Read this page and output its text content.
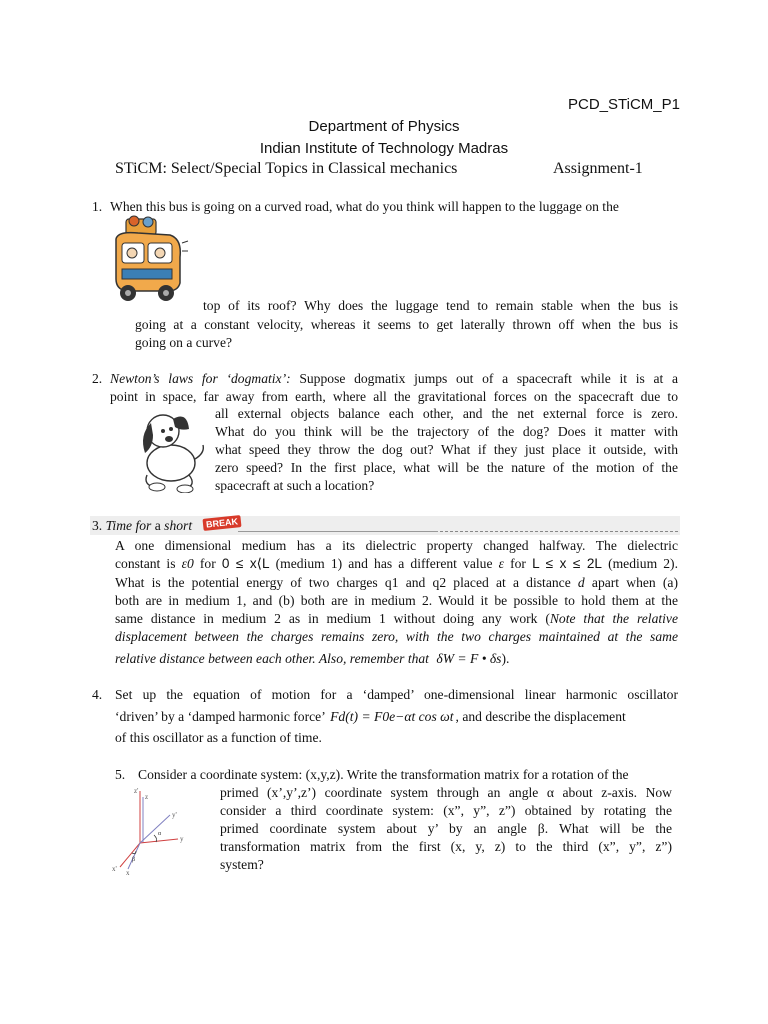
PCD_STiCM_P1
Department of Physics
Indian Institute of Technology Madras
STiCM: Select/Special Topics in Classical mechanics	Assignment-1
1. When this bus is going on a curved road, what do you think will happen to the luggage on the
top of its roof? Why does the luggage tend to remain stable when the bus is
going at a constant velocity, whereas it seems to get laterally thrown off when the bus is
going on a curve?
2. Newton’s laws for ‘dogmatix’: Suppose dogmatix jumps out of a spacecraft while it is at a
point in space, far away from earth, where all the gravitational forces on the spacecraft due to
all external objects balance each other, and the net external force is zero.
What do you think will be the trajectory of the dog? Does it matter with
what speed they throw the dog out? What if they just place it outside, with
zero speed? In the first place, what will be the nature of the motion of the
spacecraft at such a location?
3. Time for a short	BREAK
A one dimensional medium has a its dielectric property changed halfway. The dielectric
constant is ε0 for 0 ≤ x⟨L (medium 1) and has a different value ε for L ≤ x ≤ 2L (medium 2).
What is the potential energy of two charges q1 and q2 placed at a distance d apart when (a)
both are in medium 1, and (b) both are in medium 2. Would it be possible to hold them at the
same distance in medium 2 as in medium 1 without doing any work (Note that the relative
displacement between the charges remains zero, with the two charges maintained at the same
relative distance between each other. Also, remember that δW = F • δs).
4. Set up the equation of motion for a ‘damped’ one-dimensional linear harmonic oscillator
‘driven’ by a ‘damped harmonic force’ Fd(t) = F0e−αt cos ωt , and describe the displacement
of this oscillator as a function of time.
5. Consider a coordinate system: (x,y,z). Write the transformation matrix for a rotation of the
z'
z
y'
y
x' x
α
β
primed (x’,y’,z’) coordinate system through an angle α about z-axis. Now
consider a third coordinate system: (x”, y”, z”) obtained by rotating the
primed coordinate system about y’ by an angle β. What will be the
transformation matrix from the first (x, y, z) to the third (x”, y”, z”)
system?
